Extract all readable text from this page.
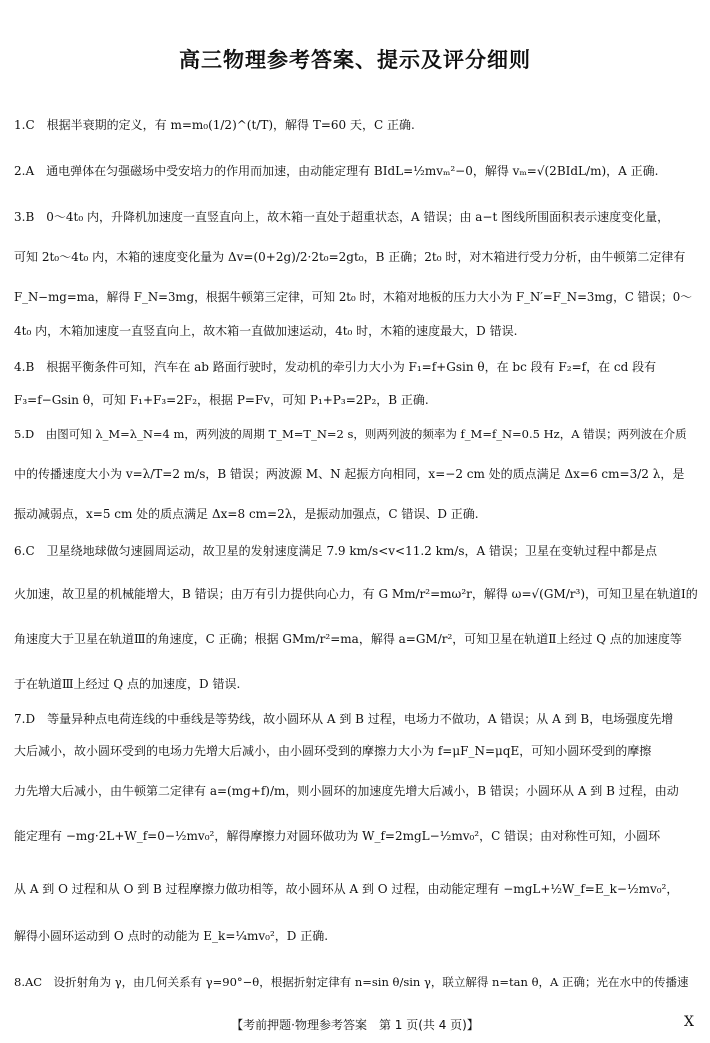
高三物理参考答案、提示及评分细则
1.C　根据半衰期的定义，有 m=m₀(1/2)^(t/T)，解得 T=60 天，C 正确.
2.A　通电弹体在匀强磁场中受安培力的作用而加速，由动能定理有 BIdL=½mvₘ²−0，解得 vₘ=√(2BIdL/m)，A 正确.
3.B　0～4t₀ 内，升降机加速度一直竖直向上，故木箱一直处于超重状态，A 错误；由 a−t 图线所围面积表示速度变化量，
可知 2t₀～4t₀ 内，木箱的速度变化量为 Δv=(0+2g)/2·2t₀=2gt₀，B 正确；2t₀ 时，对木箱进行受力分析，由牛顿第二定律有
F_N−mg=ma，解得 F_N=3mg，根据牛顿第三定律，可知 2t₀ 时，木箱对地板的压力大小为 F_N′=F_N=3mg，C 错误；0～
4t₀ 内，木箱加速度一直竖直向上，故木箱一直做加速运动，4t₀ 时，木箱的速度最大，D 错误.
4.B　根据平衡条件可知，汽车在 ab 路面行驶时，发动机的牵引力大小为 F₁=f+Gsin θ，在 bc 段有 F₂=f，在 cd 段有
F₃=f−Gsin θ，可知 F₁+F₃=2F₂，根据 P=Fv，可知 P₁+P₃=2P₂，B 正确.
5.D　由图可知 λ_M=λ_N=4 m，两列波的周期 T_M=T_N=2 s，则两列波的频率为 f_M=f_N=0.5 Hz，A 错误；两列波在介质
中的传播速度大小为 v=λ/T=2 m/s，B 错误；两波源 M、N 起振方向相同，x=−2 cm 处的质点满足 Δx=6 cm=3/2 λ，是
振动减弱点，x=5 cm 处的质点满足 Δx=8 cm=2λ，是振动加强点，C 错误、D 正确.
6.C　卫星绕地球做匀速圆周运动，故卫星的发射速度满足 7.9 km/s<v<11.2 km/s，A 错误；卫星在变轨过程中都是点
火加速，故卫星的机械能增大，B 错误；由万有引力提供向心力，有 G Mm/r²=mω²r，解得 ω=√(GM/r³)，可知卫星在轨道Ⅰ的
角速度大于卫星在轨道Ⅲ的角速度，C 正确；根据 GMm/r²=ma，解得 a=GM/r²，可知卫星在轨道Ⅱ上经过 Q 点的加速度等
于在轨道Ⅲ上经过 Q 点的加速度，D 错误.
7.D　等量异种点电荷连线的中垂线是等势线，故小圆环从 A 到 B 过程，电场力不做功，A 错误；从 A 到 B，电场强度先增
大后减小，故小圆环受到的电场力先增大后减小，由小圆环受到的摩擦力大小为 f=μF_N=μqE，可知小圆环受到的摩擦
力先增大后减小，由牛顿第二定律有 a=(mg+f)/m，则小圆环的加速度先增大后减小，B 错误；小圆环从 A 到 B 过程，由动
能定理有 −mg·2L+W_f=0−½mv₀²，解得摩擦力对圆环做功为 W_f=2mgL−½mv₀²，C 错误；由对称性可知，小圆环
从 A 到 O 过程和从 O 到 B 过程摩擦力做功相等，故小圆环从 A 到 O 过程，由动能定理有 −mgL+½W_f=E_k−½mv₀²，
解得小圆环运动到 O 点时的动能为 E_k=¼mv₀²，D 正确.
8.AC　设折射角为 γ，由几何关系有 γ=90°−θ，根据折射定律有 n=sin θ/sin γ，联立解得 n=tan θ，A 正确；光在水中的传播速
【考前押题·物理参考答案　第 1 页(共 4 页)】	X
